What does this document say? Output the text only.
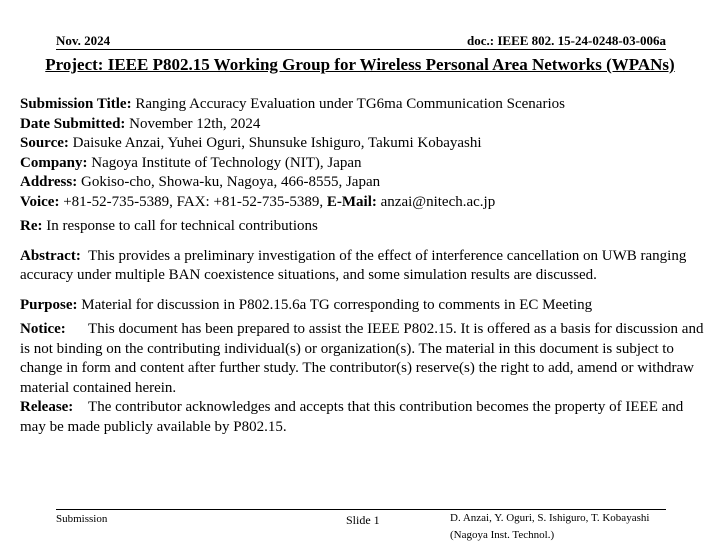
Nov. 2024	doc.: IEEE 802. 15-24-0248-03-006a
Project: IEEE P802.15 Working Group for Wireless Personal Area Networks (WPANs)
Submission Title: Ranging Accuracy Evaluation under TG6ma Communication Scenarios
Date Submitted: November 12th, 2024
Source: Daisuke Anzai, Yuhei Oguri, Shunsuke Ishiguro, Takumi Kobayashi
Company: Nagoya Institute of Technology (NIT), Japan
Address: Gokiso-cho, Showa-ku, Nagoya, 466-8555, Japan
Voice: +81-52-735-5389, FAX: +81-52-735-5389, E-Mail: anzai@nitech.ac.jp
Re: In response to call for technical contributions
Abstract: This provides a preliminary investigation of the effect of interference cancellation on UWB ranging accuracy under multiple BAN coexistence situations, and some simulation results are discussed.
Purpose: Material for discussion in P802.15.6a TG corresponding to comments in EC Meeting
Notice: This document has been prepared to assist the IEEE P802.15. It is offered as a basis for discussion and is not binding on the contributing individual(s) or organization(s). The material in this document is subject to change in form and content after further study. The contributor(s) reserve(s) the right to add, amend or withdraw material contained herein.
Release: The contributor acknowledges and accepts that this contribution becomes the property of IEEE and may be made publicly available by P802.15.
Submission	Slide 1	D. Anzai, Y. Oguri, S. Ishiguro, T. Kobayashi
(Nagoya Inst. Technol.)
